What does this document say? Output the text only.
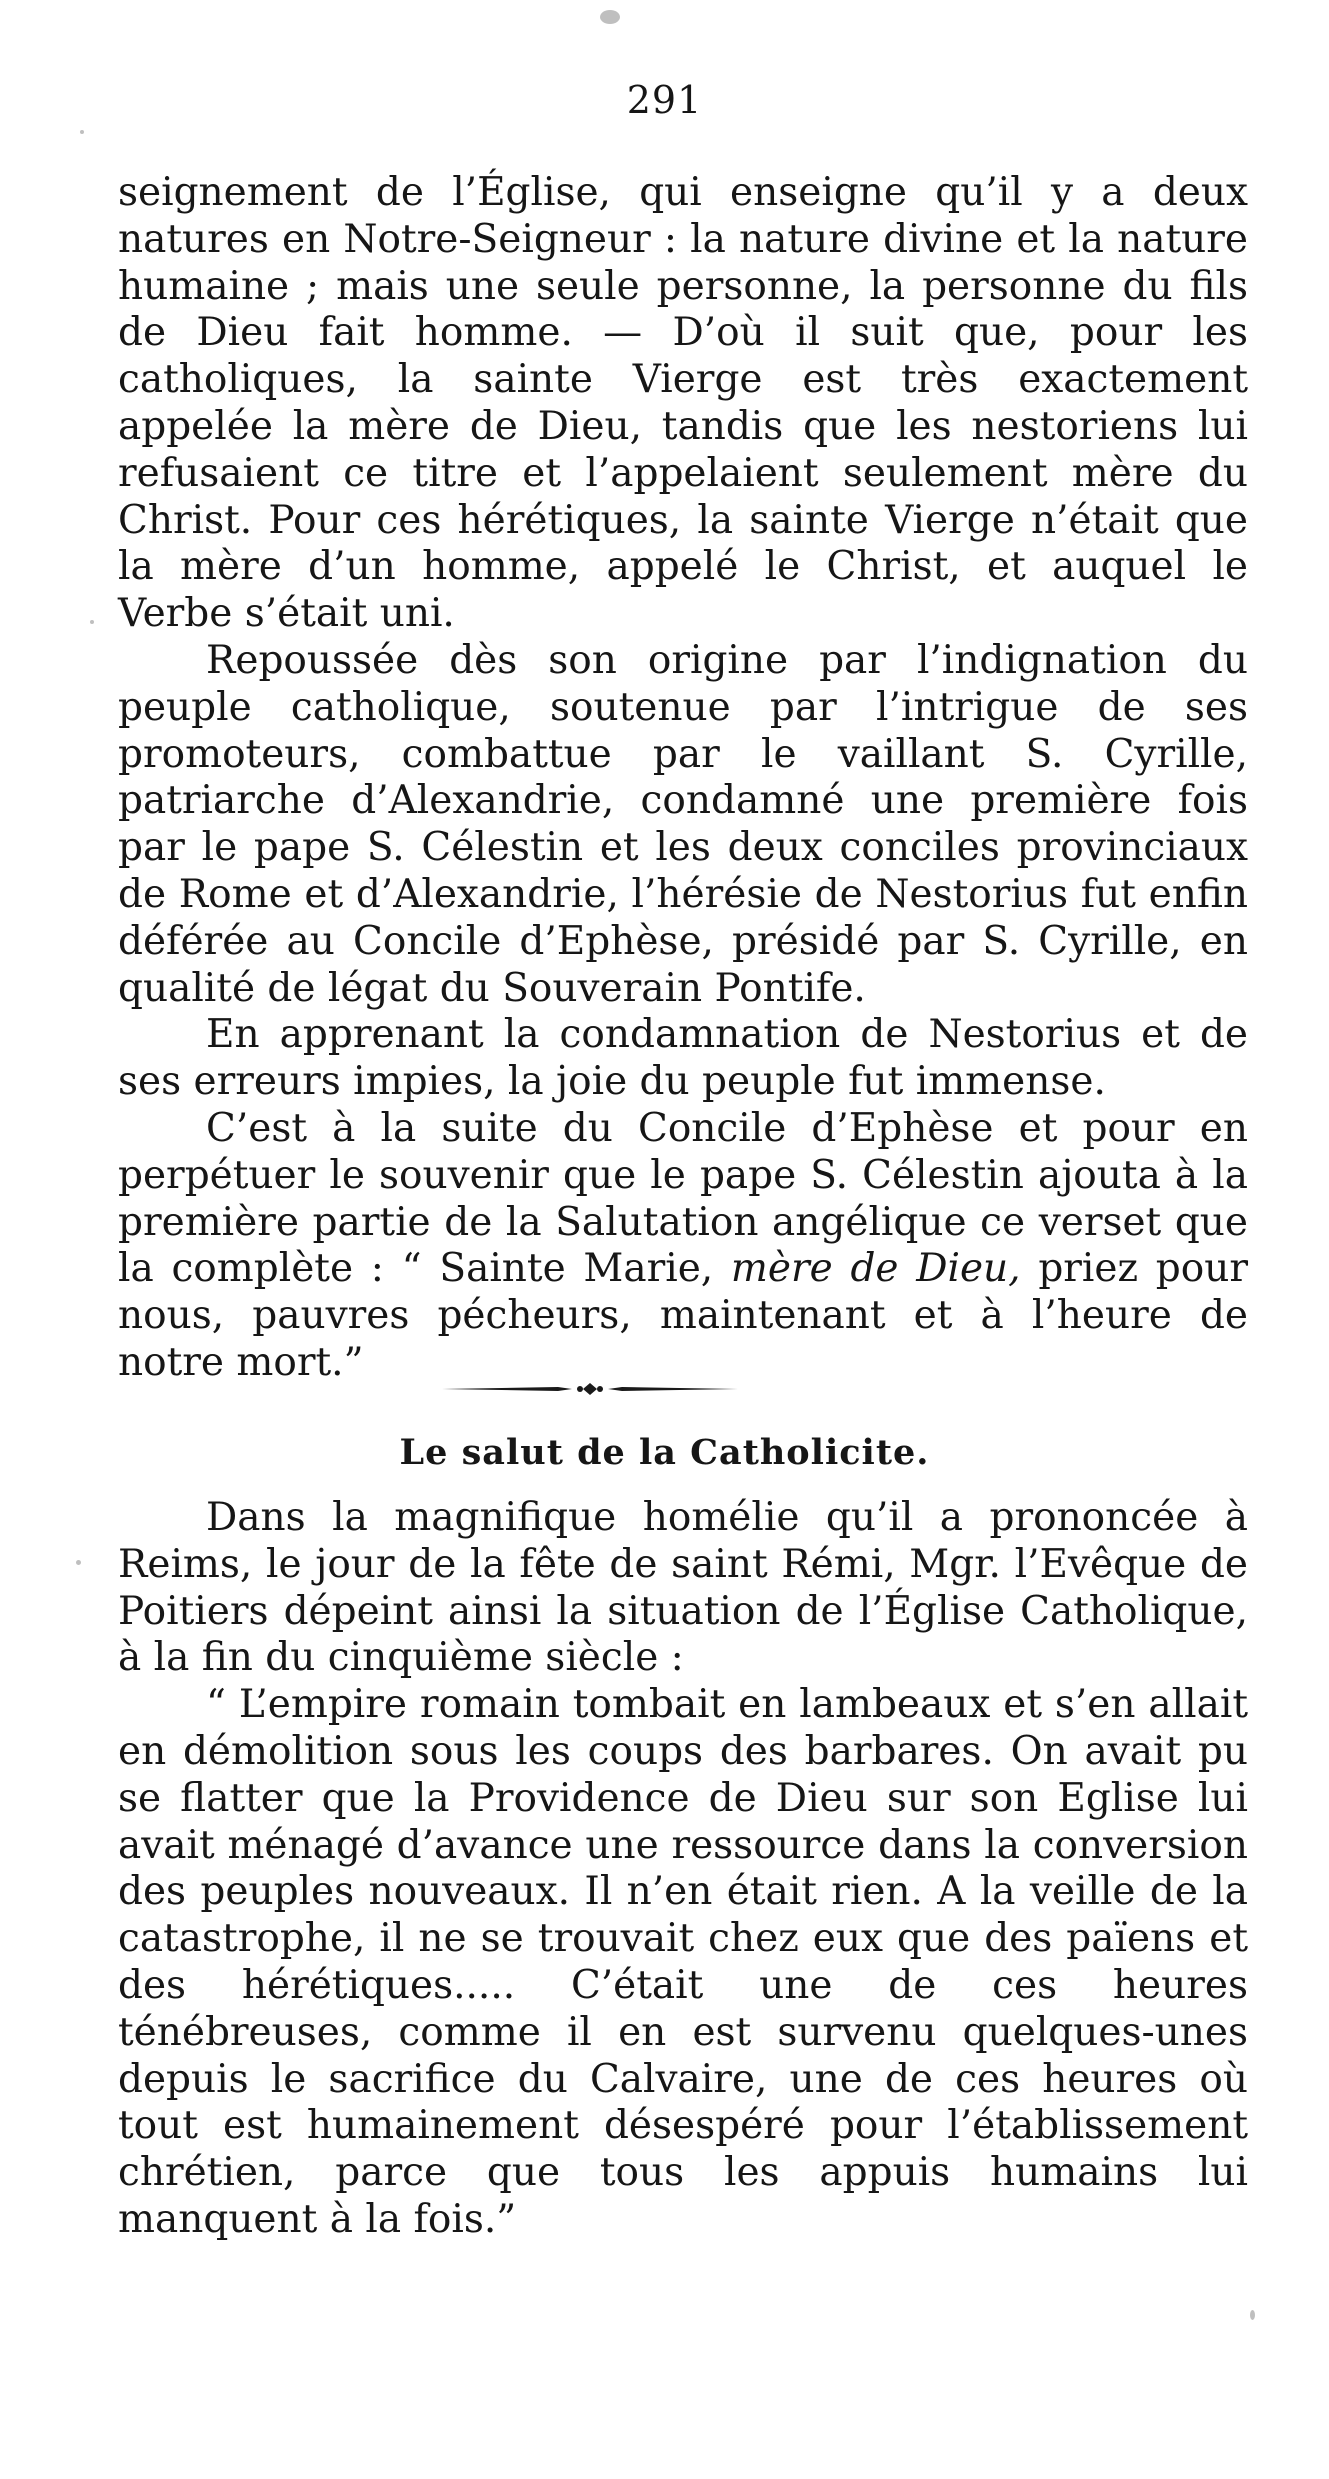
291

seignement de l’Église, qui enseigne qu’il y a deux natures en Notre-Seigneur : la nature divine et la nature humaine ; mais une seule personne, la personne du fils de Dieu fait homme. — D’où il suit que, pour les catholiques, la sainte Vierge est très exactement appelée la mère de Dieu, tandis que les nestoriens lui refusaient ce titre et l’appelaient seulement mère du Christ. Pour ces hérétiques, la sainte Vierge n’était que la mère d’un homme, appelé le Christ, et auquel le Verbe s’était uni.

Repoussée dès son origine par l’indignation du peuple catholique, soutenue par l’intrigue de ses promoteurs, combattue par le vaillant S. Cyrille, patriarche d’Alexandrie, condamné une première fois par le pape S. Célestin et les deux conciles provinciaux de Rome et d’Alexandrie, l’hérésie de Nestorius fut enfin déférée au Concile d’Ephèse, présidé par S. Cyrille, en qualité de légat du Souverain Pontife.

En apprenant la condamnation de Nestorius et de ses erreurs impies, la joie du peuple fut immense.

C’est à la suite du Concile d’Ephèse et pour en perpétuer le souvenir que le pape S. Célestin ajouta à la première partie de la Salutation angélique ce verset que la complète : “ Sainte Marie, mère de Dieu, priez pour nous, pauvres pécheurs, maintenant et à l’heure de notre mort.”

Le salut de la Catholicite.

Dans la magnifique homélie qu’il a prononcée à Reims, le jour de la fête de saint Rémi, Mgr. l’Evêque de Poitiers dépeint ainsi la situation de l’Église Catholique, à la fin du cinquième siècle :

“ L’empire romain tombait en lambeaux et s’en allait en démolition sous les coups des barbares. On avait pu se flatter que la Providence de Dieu sur son Eglise lui avait ménagé d’avance une ressource dans la conversion des peuples nouveaux. Il n’en était rien. A la veille de la catastrophe, il ne se trouvait chez eux que des païens et des hérétiques..... C’était une de ces heures ténébreuses, comme il en est survenu quelques-unes depuis le sacrifice du Calvaire, une de ces heures où tout est humainement désespéré pour l’établissement chrétien, parce que tous les appuis humains lui manquent à la fois.”
